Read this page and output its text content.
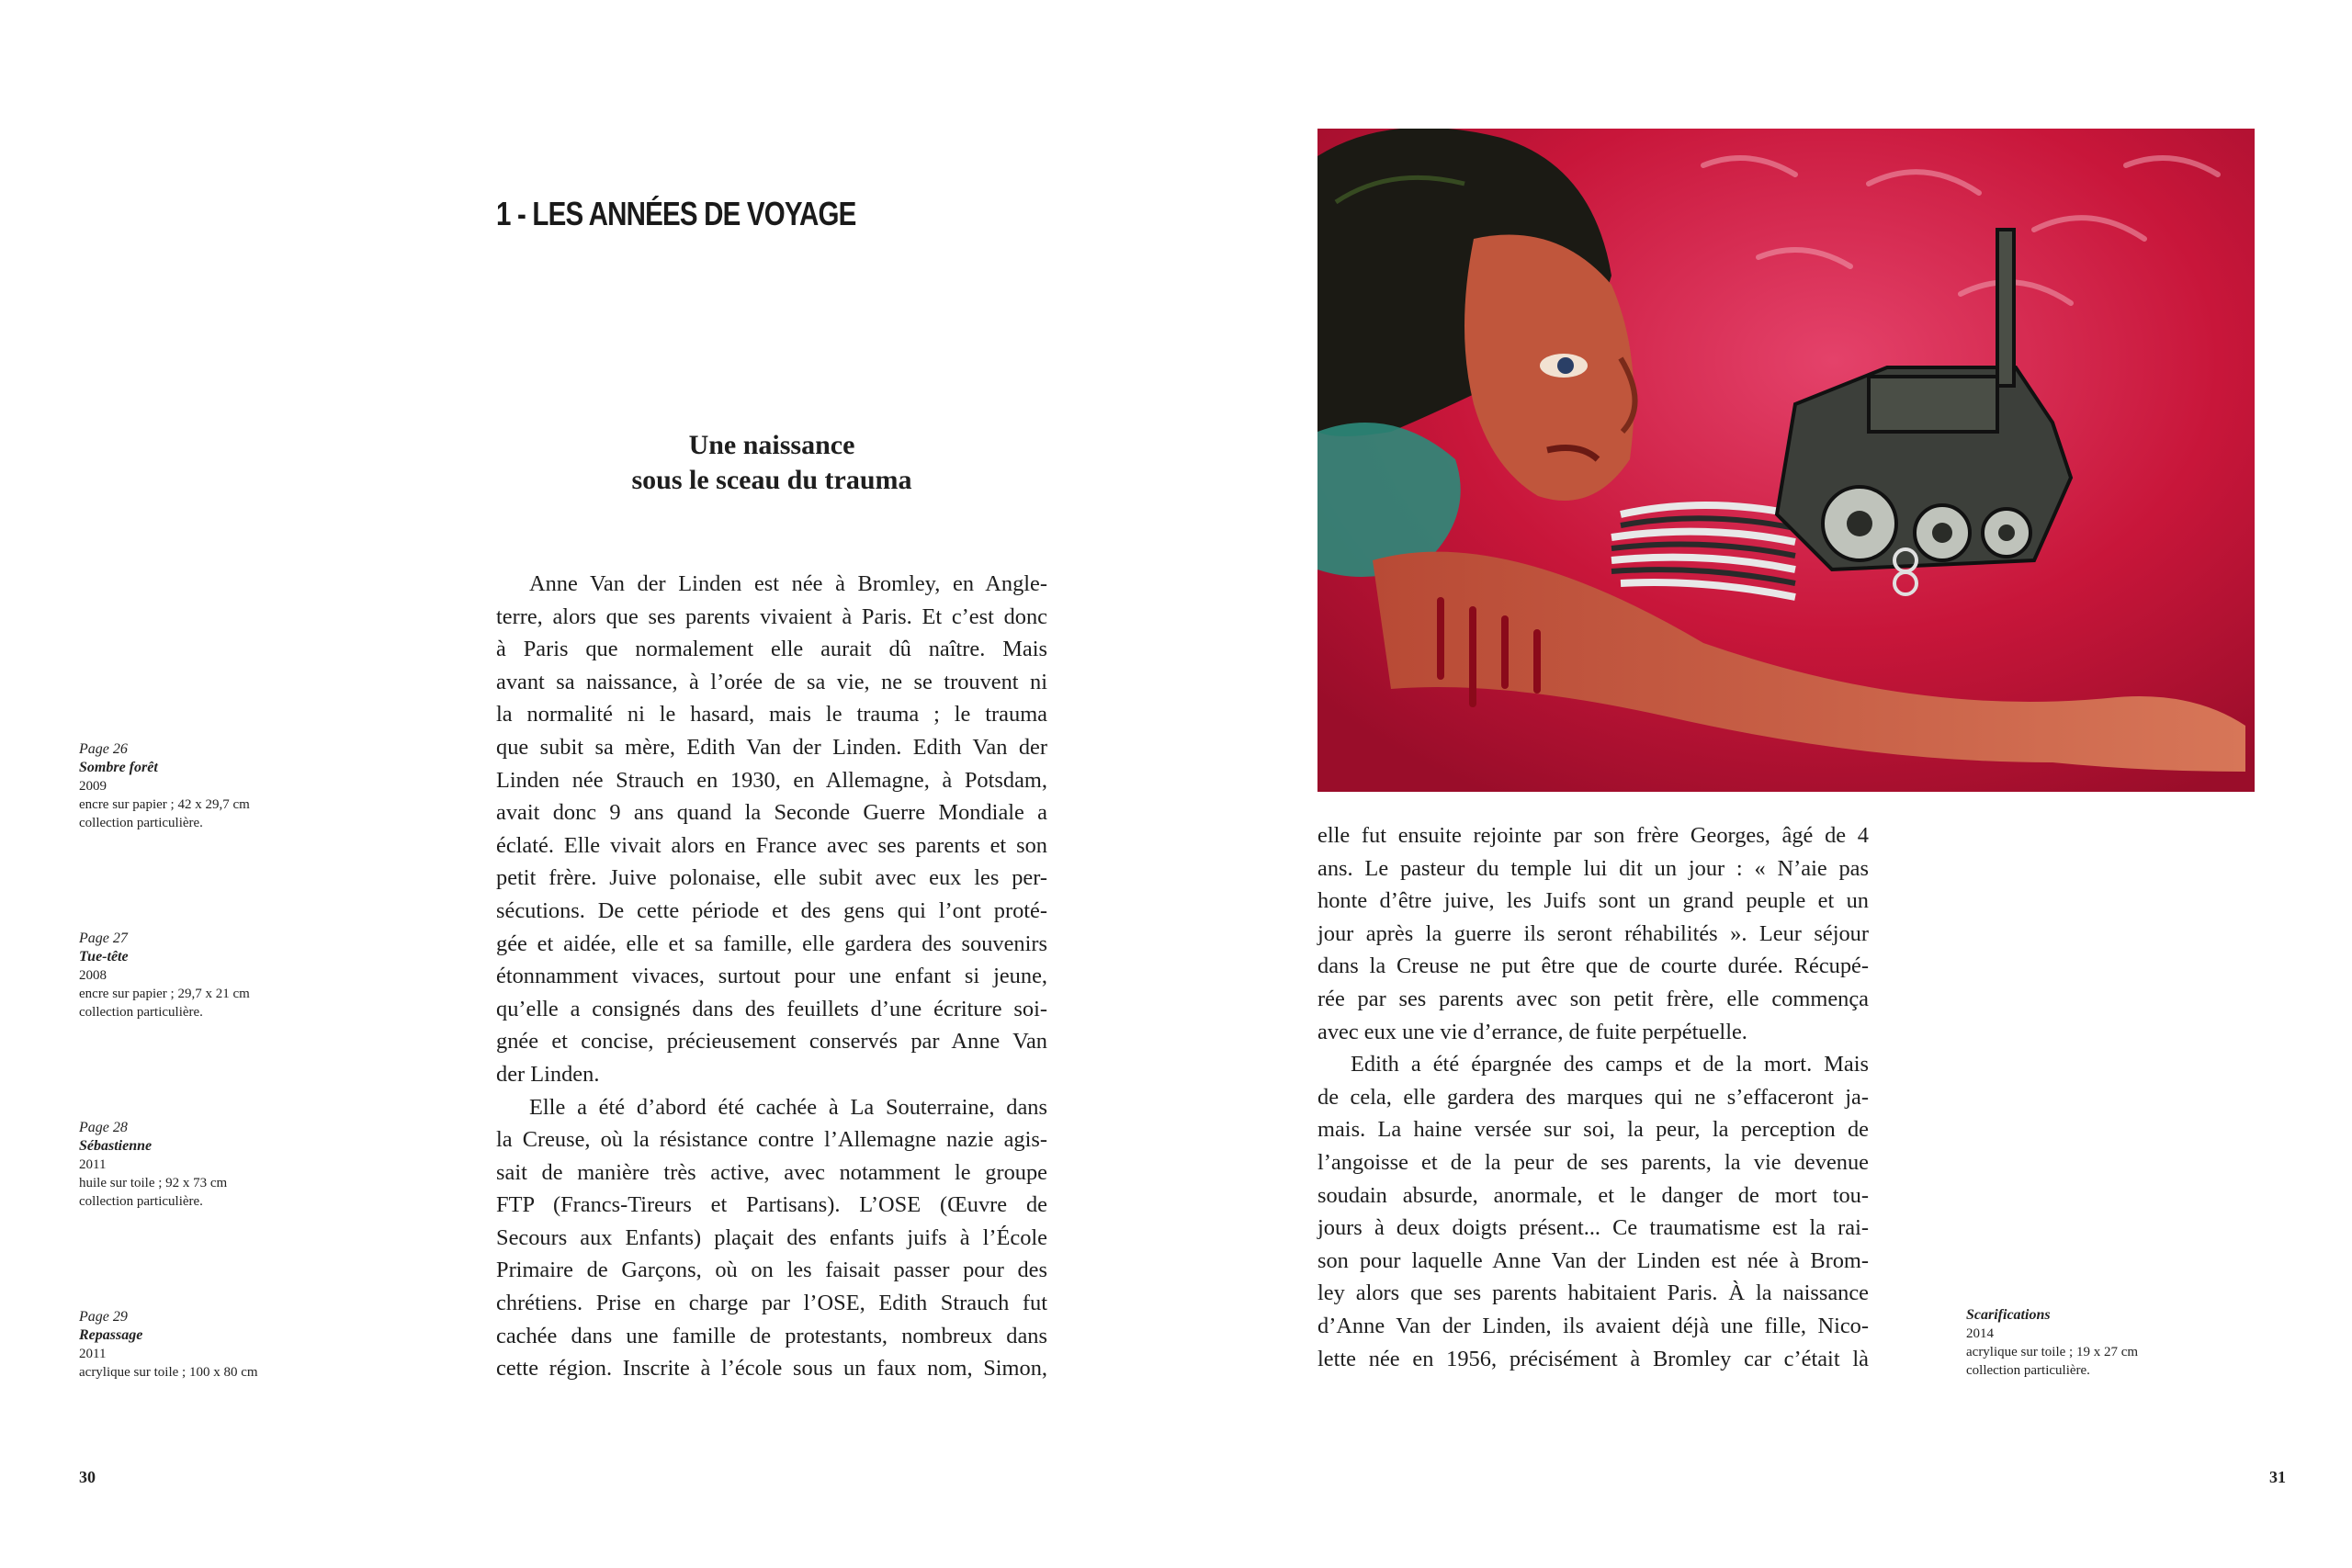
Page 26
Sombre forêt
2009
encre sur papier ; 42 x 29,7 cm
collection particulière.
Page 27
Tue-tête
2008
encre sur papier ; 29,7 x 21 cm
collection particulière.
Page 28
Sébastienne
2011
huile sur toile ; 92 x 73 cm
collection particulière.
Page 29
Repassage
2011
acrylique sur toile ; 100 x 80 cm
1 - LES ANNÉES DE VOYAGE
Une naissance
sous le sceau du trauma
Anne Van der Linden est née à Bromley, en Angle-
terre, alors que ses parents vivaient à Paris. Et c’est donc
à Paris que normalement elle aurait dû naître. Mais
avant sa naissance, à l’orée de sa vie, ne se trouvent ni
la normalité ni le hasard, mais le trauma ; le trauma
que subit sa mère, Edith Van der Linden. Edith Van der
Linden née Strauch en 1930, en Allemagne, à Potsdam,
avait donc 9 ans quand la Seconde Guerre Mondiale a
éclaté. Elle vivait alors en France avec ses parents et son
petit frère. Juive polonaise, elle subit avec eux les per-
sécutions. De cette période et des gens qui l’ont proté-
gée et aidée, elle et sa famille, elle gardera des souvenirs
étonnamment vivaces, surtout pour une enfant si jeune,
qu’elle a consignés dans des feuillets d’une écriture soi-
gnée et concise, précieusement conservés par Anne Van
der Linden.
Elle a été d’abord été cachée à La Souterraine, dans
la Creuse, où la résistance contre l’Allemagne nazie agis-
sait de manière très active, avec notamment le groupe
FTP (Francs-Tireurs et Partisans). L’OSE (Œuvre de
Secours aux Enfants) plaçait des enfants juifs à l’École
Primaire de Garçons, où on les faisait passer pour des
chrétiens. Prise en charge par l’OSE, Edith Strauch fut
cachée dans une famille de protestants, nombreux dans
cette région. Inscrite à l’école sous un faux nom, Simon,
elle fut ensuite rejointe par son frère Georges, âgé de 4
ans. Le pasteur du temple lui dit un jour : « N’aie pas
honte d’être juive, les Juifs sont un grand peuple et un
jour après la guerre ils seront réhabilités ». Leur séjour
dans la Creuse ne put être que de courte durée. Récupé-
rée par ses parents avec son petit frère, elle commença
avec eux une vie d’errance, de fuite perpétuelle.
Edith a été épargnée des camps et de la mort. Mais
de cela, elle gardera des marques qui ne s’effaceront ja-
mais. La haine versée sur soi, la peur, la perception de
l’angoisse et de la peur de ses parents, la vie devenue
soudain absurde, anormale, et le danger de mort tou-
jours à deux doigts présent... Ce traumatisme est la rai-
son pour laquelle Anne Van der Linden est née à Brom-
ley alors que ses parents habitaient Paris. À la naissance
d’Anne Van der Linden, ils avaient déjà une fille, Nico-
lette née en 1956, précisément à Bromley car c’était là
Scarifications
2014
acrylique sur toile ; 19 x 27 cm
collection particulière.
30	31
